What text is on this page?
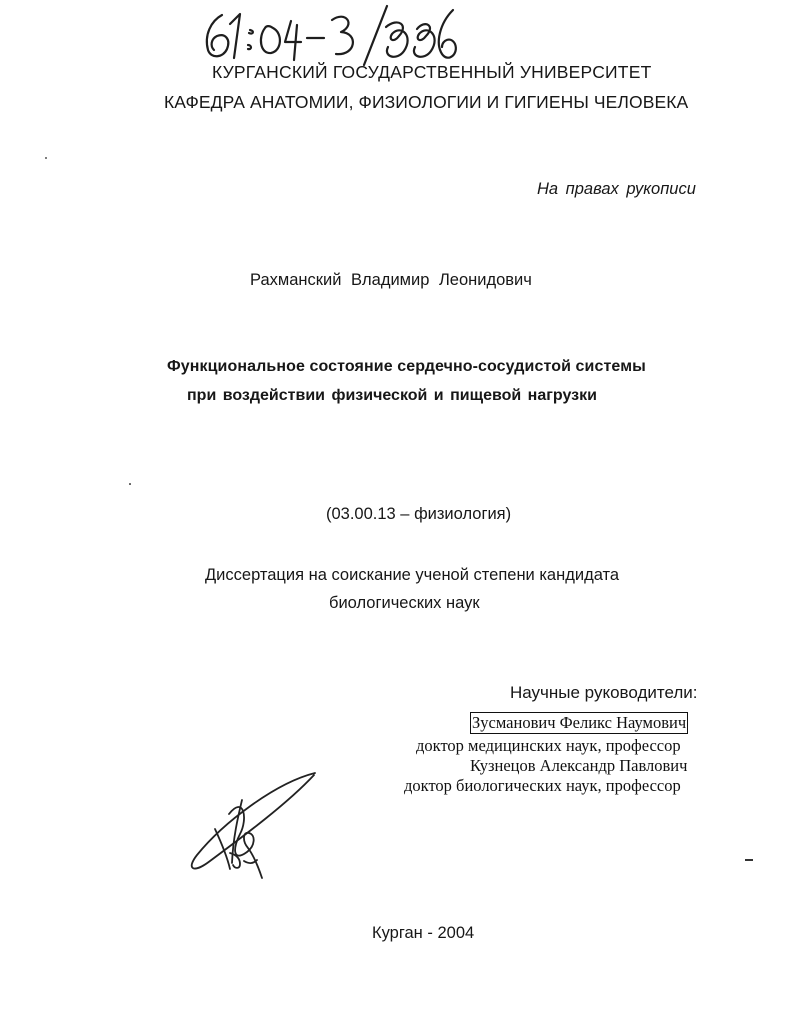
КУРГАНСКИЙ ГОСУДАРСТВЕННЫЙ УНИВЕРСИТЕТ
КАФЕДРА АНАТОМИИ, ФИЗИОЛОГИИ И ГИГИЕНЫ ЧЕЛОВЕКА
На правах рукописи
Рахманский Владимир Леонидович
Функциональное состояние сердечно-сосудистой системы
при воздействии физической и пищевой нагрузки
(03.00.13 – физиология)
Диссертация на соискание ученой степени кандидата
биологических наук
Научные руководители:
Зусманович Феликс Наумович
доктор медицинских наук, профессор
Кузнецов Александр Павлович
доктор биологических наук, профессор
Курган - 2004
